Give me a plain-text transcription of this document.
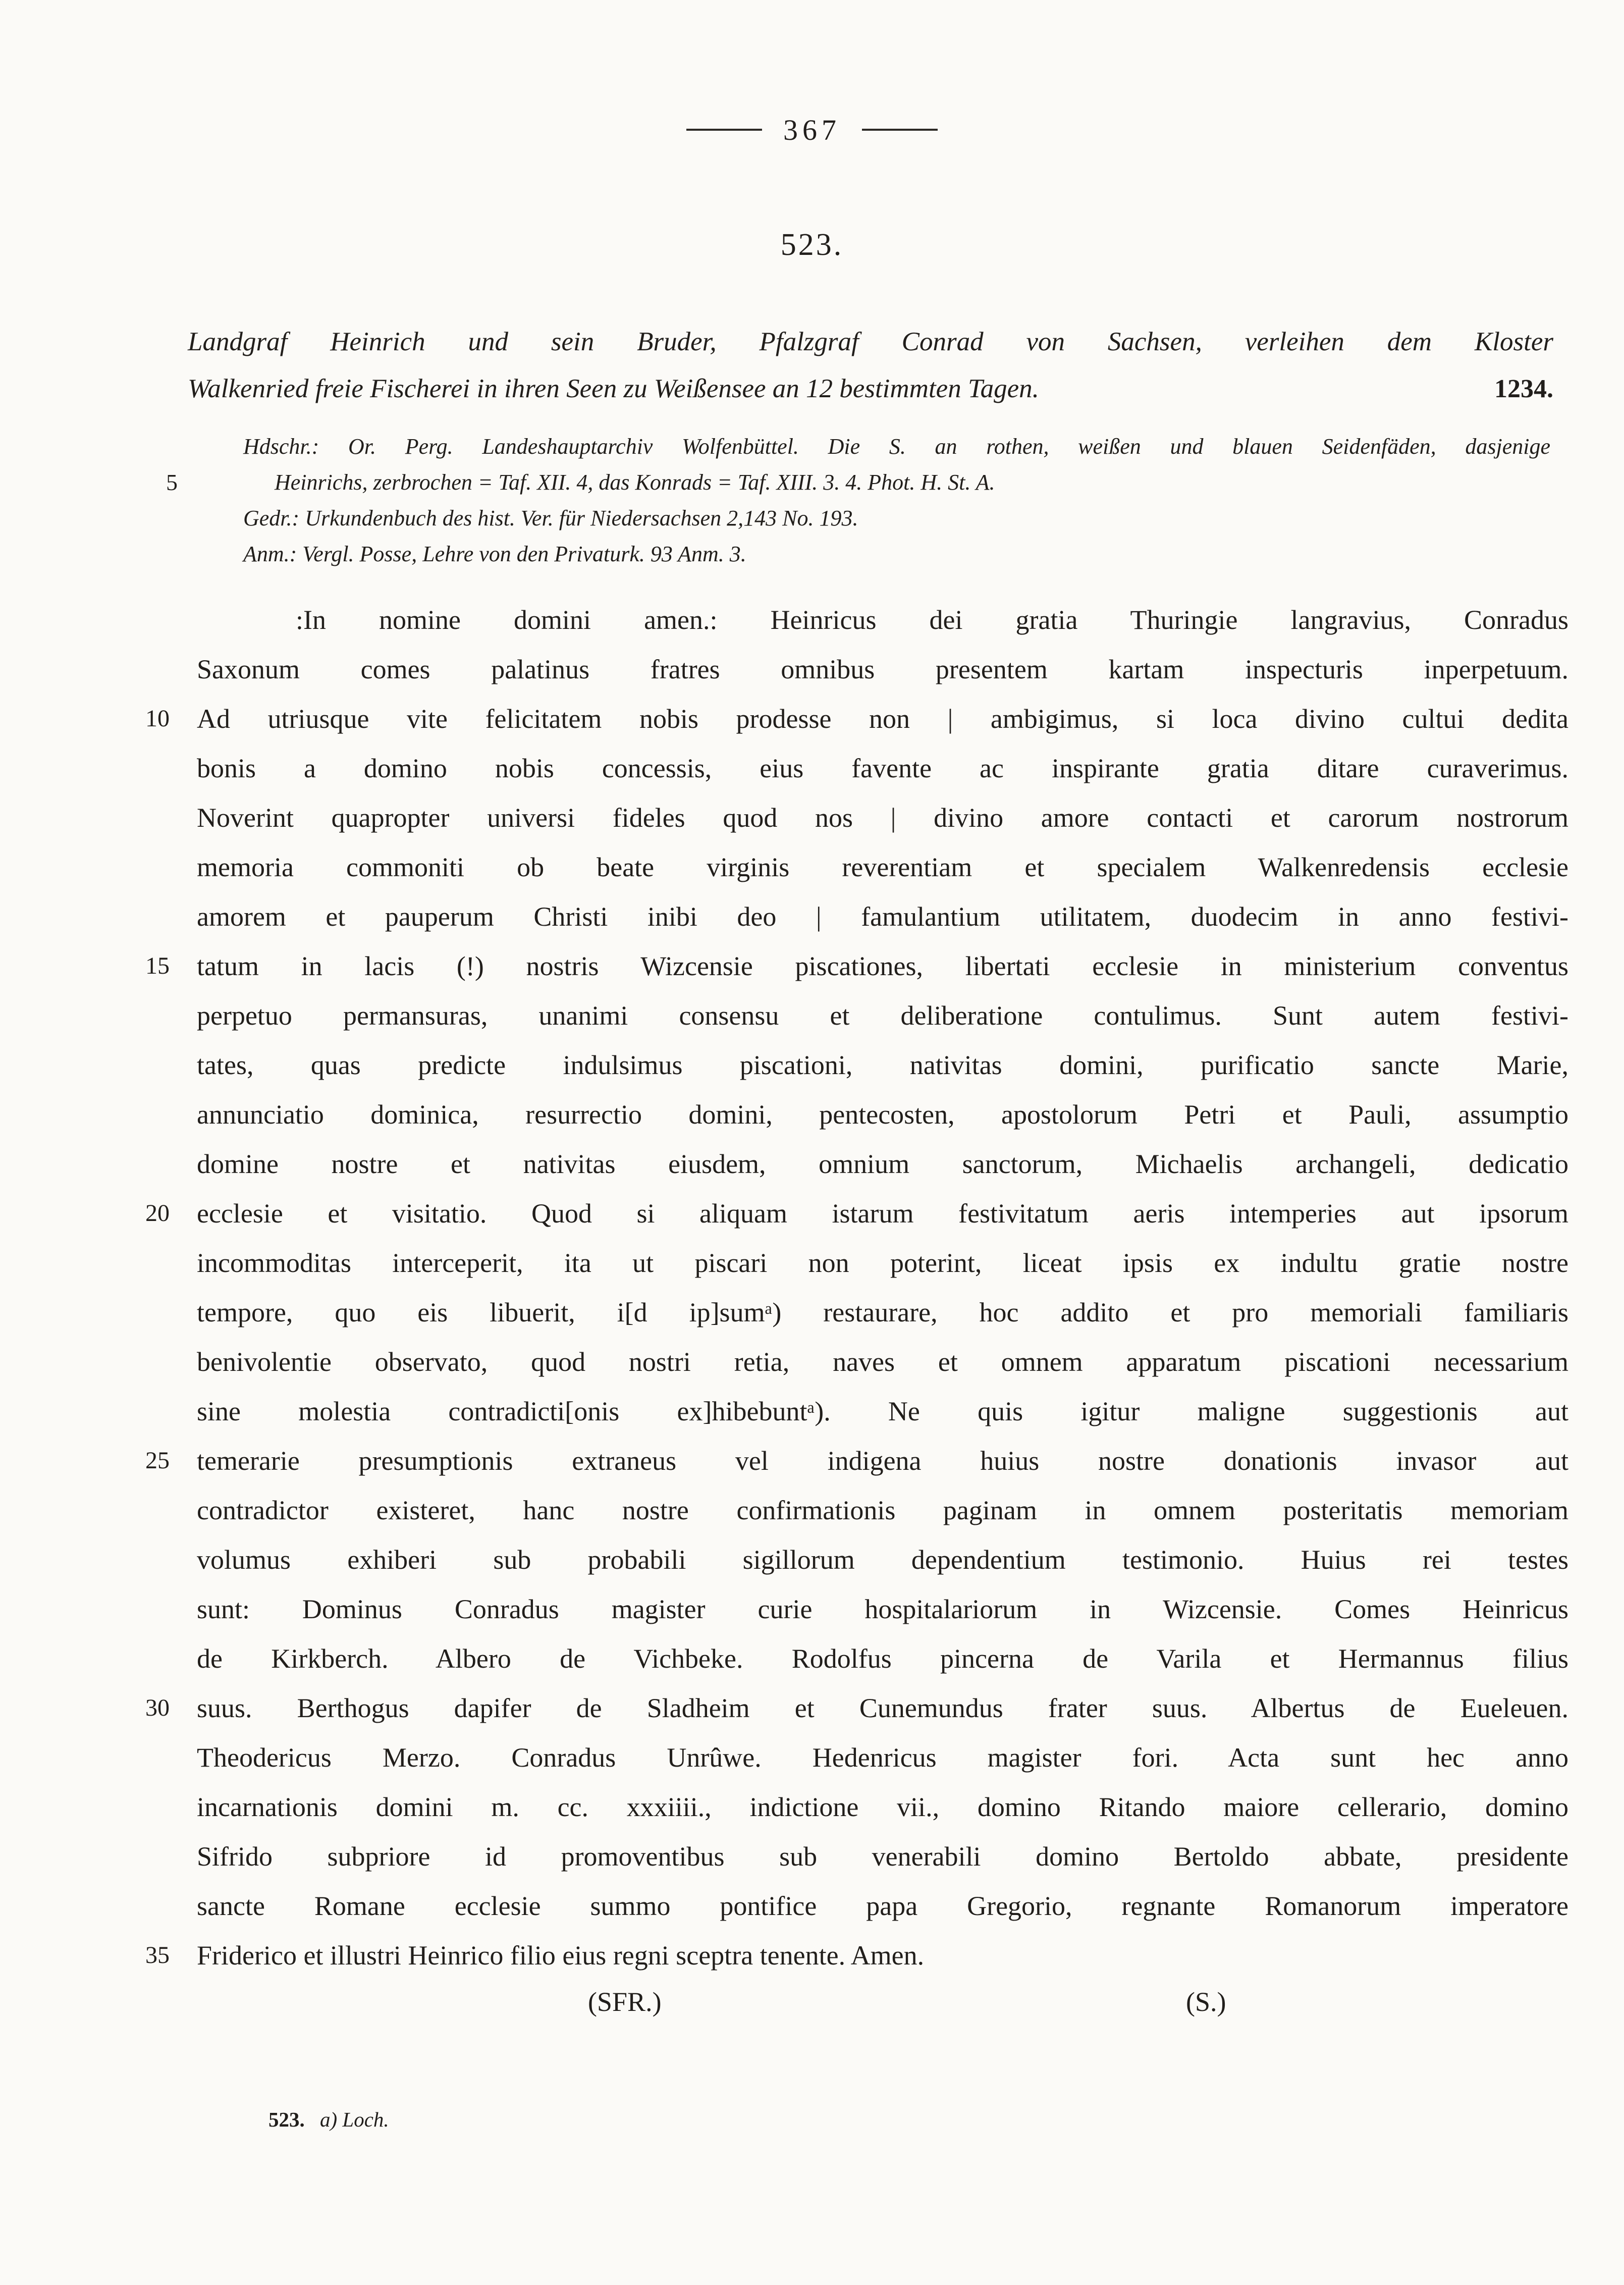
367
523.
Landgraf Heinrich und sein Bruder, Pfalzgraf Conrad von Sachsen, verleihen dem Kloster
Walkenried freie Fischerei in ihren Seen zu Weißensee an 12 bestimmten Tagen.	1234.
Hdschr.: Or. Perg. Landeshauptarchiv Wolfenbüttel. Die S. an rothen, weißen und blauen Seidenfäden, dasjenige
5	Heinrichs, zerbrochen = Taf. XII. 4, das Konrads = Taf. XIII. 3. 4. Phot. H. St. A.
Gedr.: Urkundenbuch des hist. Ver. für Niedersachsen 2,143 No. 193.
Anm.: Vergl. Posse, Lehre von den Privaturk. 93 Anm. 3.
:In nomine domini amen.: Heinricus dei gratia Thuringie langravius, Conradus
Saxonum comes palatinus fratres omnibus presentem kartam inspecturis inperpetuum.
10	Ad utriusque vite felicitatem nobis prodesse non | ambigimus, si loca divino cultui dedita
bonis a domino nobis concessis, eius favente ac inspirante gratia ditare curaverimus.
Noverint quapropter universi fideles quod nos | divino amore contacti et carorum nostrorum
memoria commoniti ob beate virginis reverentiam et specialem Walkenredensis ecclesie
amorem et pauperum Christi inibi deo | famulantium utilitatem, duodecim in anno festivi-
15	tatum in lacis (!) nostris Wizcensie piscationes, libertati ecclesie in ministerium conventus
perpetuo permansuras, unanimi consensu et deliberatione contulimus. Sunt autem festivi-
tates, quas predicte indulsimus piscationi, nativitas domini, purificatio sancte Marie,
annunciatio dominica, resurrectio domini, pentecosten, apostolorum Petri et Pauli, assumptio
domine nostre et nativitas eiusdem, omnium sanctorum, Michaelis archangeli, dedicatio
20	ecclesie et visitatio. Quod si aliquam istarum festivitatum aeris intemperies aut ipsorum
incommoditas interceperit, ita ut piscari non poterint, liceat ipsis ex indultu gratie nostre
tempore, quo eis libuerit, i[d ip]sumᵃ) restaurare, hoc addito et pro memoriali familiaris
benivolentie observato, quod nostri retia, naves et omnem apparatum piscationi necessarium
sine molestia contradicti[onis ex]hibebuntᵃ). Ne quis igitur maligne suggestionis aut
25	temerarie presumptionis extraneus vel indigena huius nostre donationis invasor aut
contradictor existeret, hanc nostre confirmationis paginam in omnem posteritatis memoriam
volumus exhiberi sub probabili sigillorum dependentium testimonio. Huius rei testes
sunt: Dominus Conradus magister curie hospitalariorum in Wizcensie. Comes Heinricus
de Kirkberch. Albero de Vichbeke. Rodolfus pincerna de Varila et Hermannus filius
30	suus. Berthogus dapifer de Sladheim et Cunemundus frater suus. Albertus de Eueleuen.
Theodericus Merzo. Conradus Unrûwe. Hedenricus magister fori. Acta sunt hec anno
incarnationis domini m. cc. xxxiiii., indictione vii., domino Ritando maiore cellerario, domino
Sifrido subpriore id promoventibus sub venerabili domino Bertoldo abbate, presidente
sancte Romane ecclesie summo pontifice papa Gregorio, regnante Romanorum imperatore
35	Friderico et illustri Heinrico filio eius regni sceptra tenente. Amen.
(SFR.)	(S.)
523. a) Loch.
